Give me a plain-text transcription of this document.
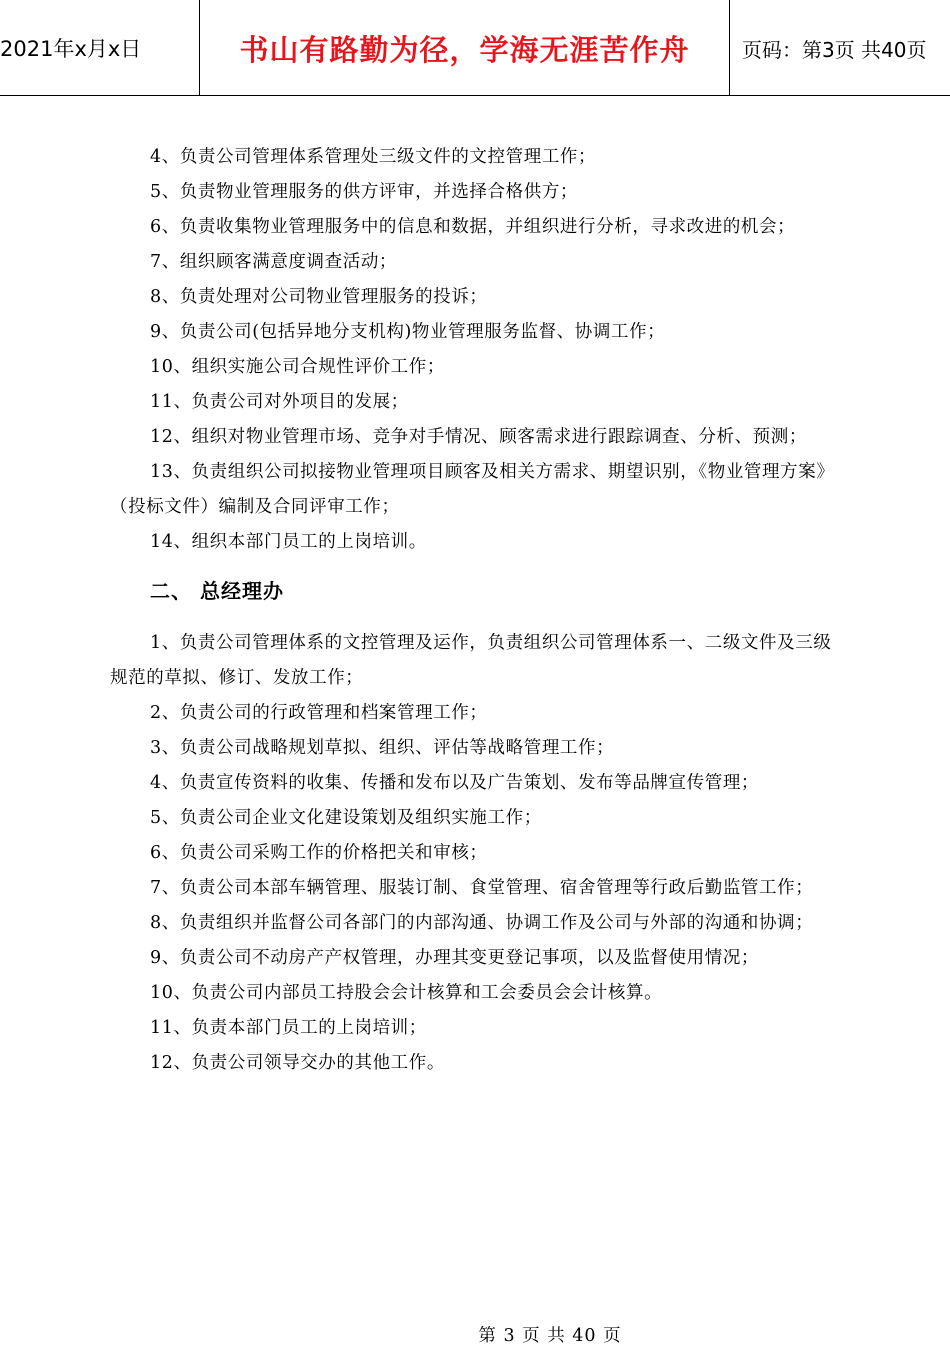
2021年x月x日	书山有路勤为径，学海无涯苦作舟	页码：第3页 共40页

4、负责公司管理体系管理处三级文件的文控管理工作；

5、负责物业管理服务的供方评审，并选择合格供方；

6、负责收集物业管理服务中的信息和数据，并组织进行分析，寻求改进的机会；

7、组织顾客满意度调查活动；

8、负责处理对公司物业管理服务的投诉；

9、负责公司(包括异地分支机构)物业管理服务监督、协调工作；

10、组织实施公司合规性评价工作；

11、负责公司对外项目的发展；

12、组织对物业管理市场、竞争对手情况、顾客需求进行跟踪调查、分析、预测；

13、负责组织公司拟接物业管理项目顾客及相关方需求、期望识别，《物业管理方案》（投标文件）编制及合同评审工作；

14、组织本部门员工的上岗培训。

二、 总经理办

1、负责公司管理体系的文控管理及运作，负责组织公司管理体系一、二级文件及三级规范的草拟、修订、发放工作；

2、负责公司的行政管理和档案管理工作；

3、负责公司战略规划草拟、组织、评估等战略管理工作；

4、负责宣传资料的收集、传播和发布以及广告策划、发布等品牌宣传管理；

5、负责公司企业文化建设策划及组织实施工作；

6、负责公司采购工作的价格把关和审核；

7、负责公司本部车辆管理、服装订制、食堂管理、宿舍管理等行政后勤监管工作；

8、负责组织并监督公司各部门的内部沟通、协调工作及公司与外部的沟通和协调；

9、负责公司不动房产产权管理，办理其变更登记事项，以及监督使用情况；

10、负责公司内部员工持股会会计核算和工会委员会会计核算。

11、负责本部门员工的上岗培训；

12、负责公司领导交办的其他工作。

第 3 页 共 40 页
